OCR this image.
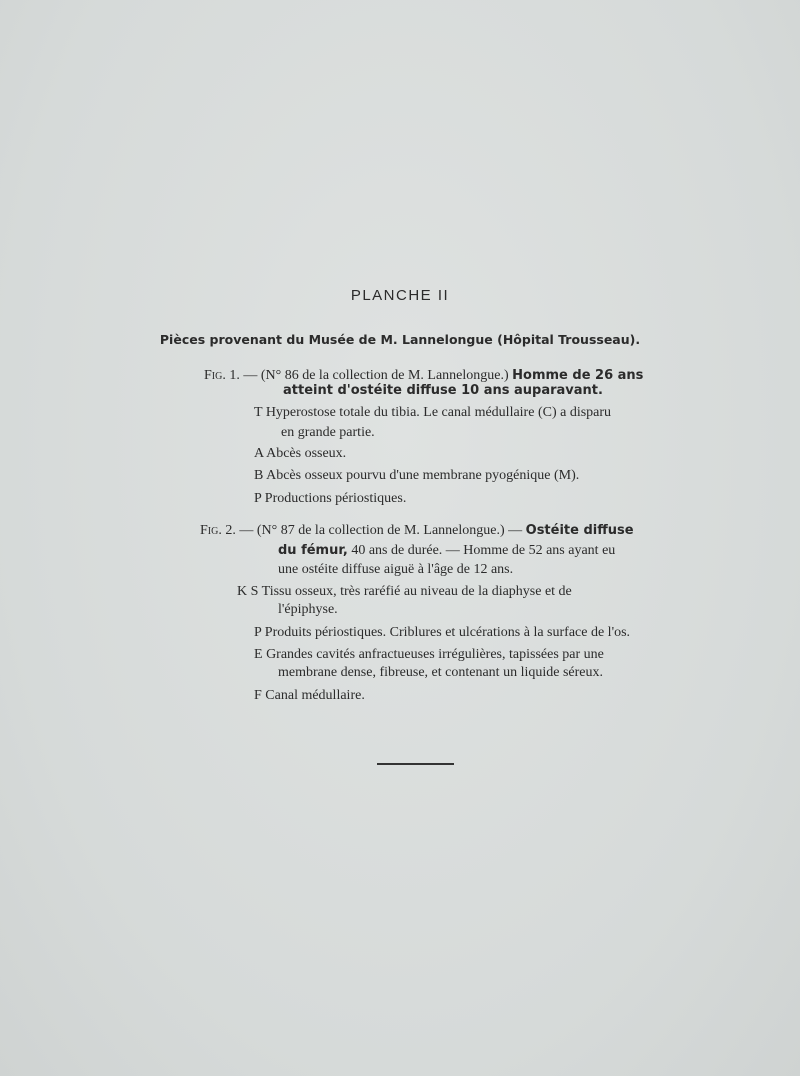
PLANCHE II
Pièces provenant du Musée de M. Lannelongue (Hôpital Trousseau).
Fig. 1. — (N° 86 de la collection de M. Lannelongue.) Homme de 26 ans
atteint d'ostéite diffuse 10 ans auparavant.
T Hyperostose totale du tibia. Le canal médullaire (C) a disparu
en grande partie.
A Abcès osseux.
B Abcès osseux pourvu d'une membrane pyogénique (M).
P Productions périostiques.
Fig. 2. — (N° 87 de la collection de M. Lannelongue.) — Ostéite diffuse
du fémur, 40 ans de durée. — Homme de 52 ans ayant eu
une ostéite diffuse aiguë à l'âge de 12 ans.
K S Tissu osseux, très raréfié au niveau de la diaphyse et de
l'épiphyse.
P Produits périostiques. Criblures et ulcérations à la surface de l'os.
E Grandes cavités anfractueuses irrégulières, tapissées par une
membrane dense, fibreuse, et contenant un liquide séreux.
F Canal médullaire.
